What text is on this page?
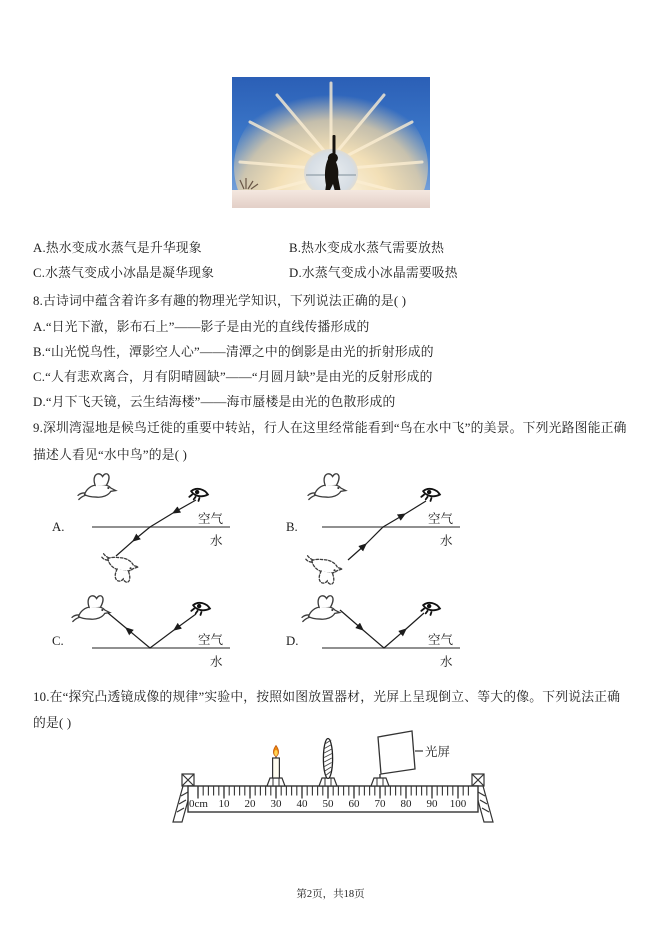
A.热水变成水蒸气是升华现象	B.热水变成水蒸气需要放热
C.水蒸气变成小冰晶是凝华现象	D.水蒸气变成小冰晶需要吸热
8.古诗词中蕴含着许多有趣的物理光学知识，下列说法正确的是( )
A.“日光下澈，影布石上”——影子是由光的直线传播形成的
B.“山光悦鸟性，潭影空人心”——清潭之中的倒影是由光的折射形成的
C.“人有悲欢离合，月有阴晴圆缺”——“月圆月缺”是由光的反射形成的
D.“月下飞天镜，云生结海楼”——海市蜃楼是由光的色散形成的
9.深圳湾湿地是候鸟迁徙的重要中转站，行人在这里经常能看到“鸟在水中飞”的美景。下列光路图能正确描述人看见“水中鸟”的是( )
A.
空气
水
B.
空气
水
C.	空气
水
D.	空气
水
10.在“探究凸透镜成像的规律”实验中，按照如图放置器材，光屏上呈现倒立、等大的像。下列说法正确的是( )
0cm 10 20 30 40 50 60 70 80 90 100
光屏
第2页，共18页
